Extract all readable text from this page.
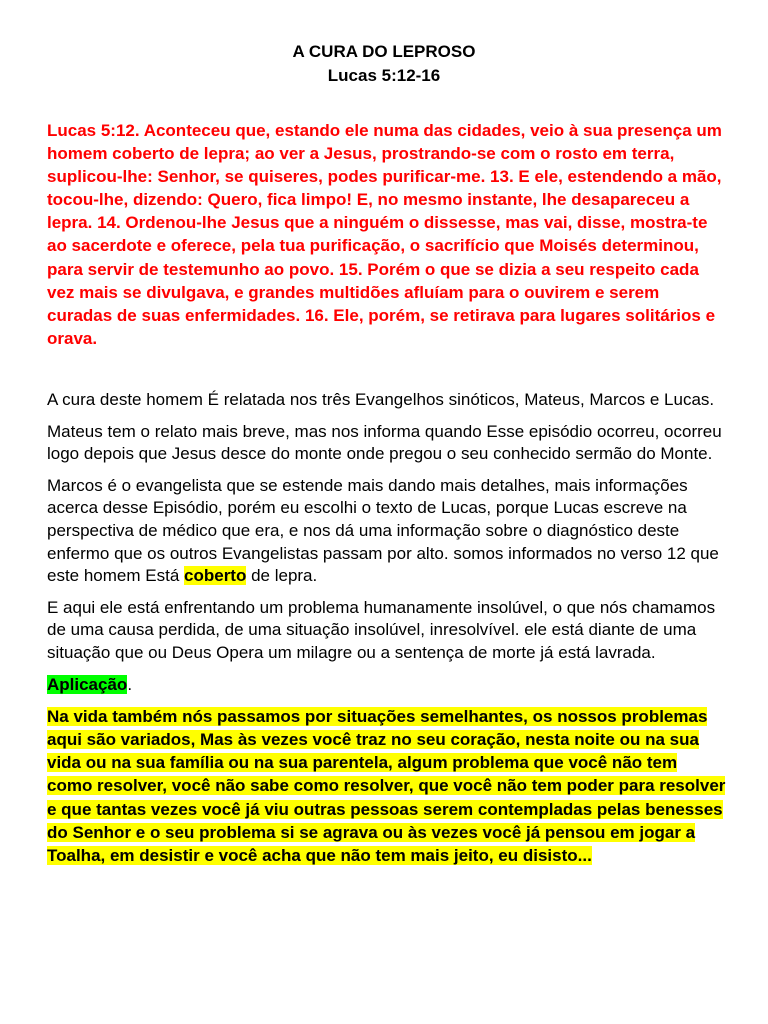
A CURA DO LEPROSO
Lucas 5:12-16

Lucas 5:12. Aconteceu que, estando ele numa das cidades, veio à sua presença um homem coberto de lepra; ao ver a Jesus, prostrando-se com o rosto em terra, suplicou-lhe: Senhor, se quiseres, podes purificar-me. 13. E ele, estendendo a mão, tocou-lhe, dizendo: Quero, fica limpo! E, no mesmo instante, lhe desapareceu a lepra. 14. Ordenou-lhe Jesus que a ninguém o dissesse, mas vai, disse, mostra-te ao sacerdote e oferece, pela tua purificação, o sacrifício que Moisés determinou, para servir de testemunho ao povo. 15. Porém o que se dizia a seu respeito cada vez mais se divulgava, e grandes multidões afluíam para o ouvirem e serem curadas de suas enfermidades. 16. Ele, porém, se retirava para lugares solitários e orava.

A cura deste homem É relatada nos três Evangelhos sinóticos, Mateus, Marcos e Lucas.

Mateus tem o relato mais breve, mas nos informa quando Esse episódio ocorreu, ocorreu logo depois que Jesus desce do monte onde pregou o seu conhecido sermão do Monte.

Marcos é o evangelista que se estende mais dando mais detalhes, mais informações acerca desse Episódio, porém eu escolhi o texto de Lucas, porque Lucas escreve na perspectiva de médico que era, e nos dá uma informação sobre o diagnóstico deste enfermo que os outros Evangelistas passam por alto. somos informados no verso 12 que este homem Está coberto de lepra.

E aqui ele está enfrentando um problema humanamente insolúvel, o que nós chamamos de uma causa perdida, de uma situação insolúvel, inresolvível. ele está diante de uma situação que ou Deus Opera um milagre ou a sentença de morte já está lavrada.

Aplicação.

Na vida também nós passamos por situações semelhantes, os nossos problemas aqui são variados, Mas às vezes você traz no seu coração, nesta noite ou na sua vida ou na sua família ou na sua parentela, algum problema que você não tem como resolver, você não sabe como resolver, que você não tem poder para resolver e que tantas vezes você já viu outras pessoas serem contempladas pelas benesses do Senhor e o seu problema si se agrava ou às vezes você já pensou em jogar a Toalha, em desistir e você acha que não tem mais jeito, eu disisto...
